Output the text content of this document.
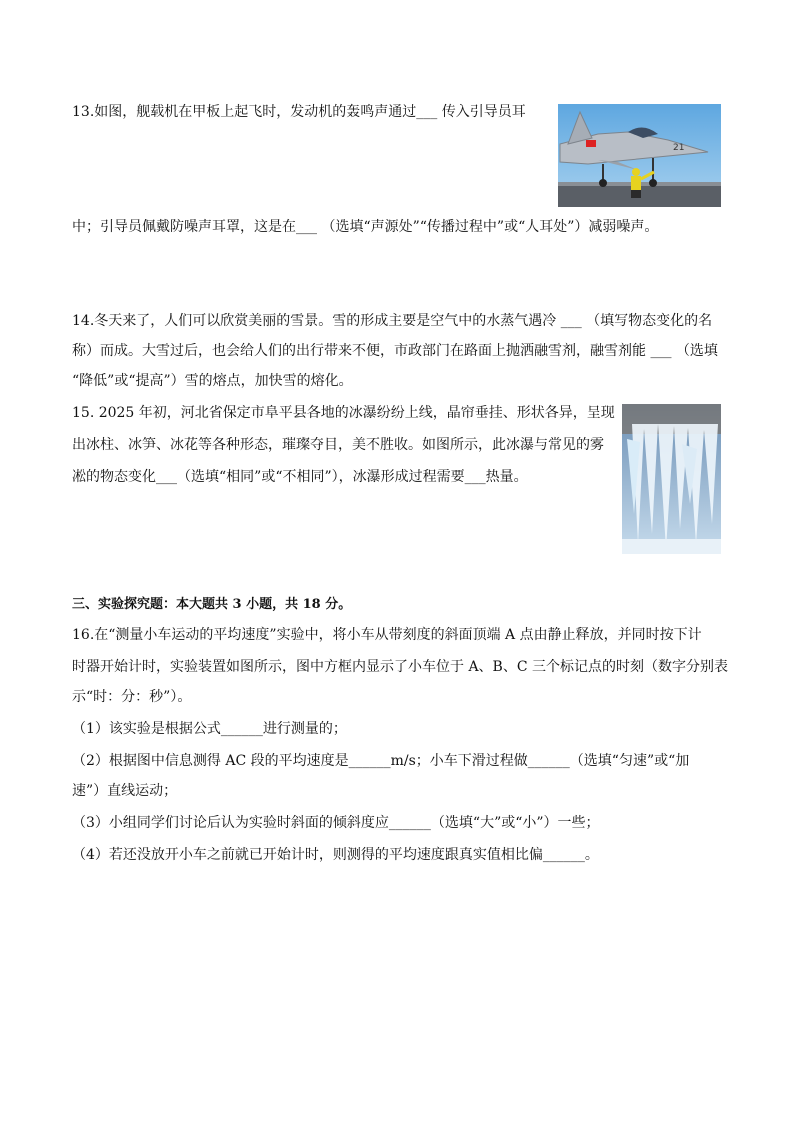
13.如图，舰载机在甲板上起飞时，发动机的轰鸣声通过___ 传入引导员耳
21
中；引导员佩戴防噪声耳罩，这是在___ （选填“声源处”“传播过程中”或“人耳处”）减弱噪声。
14.冬天来了，人们可以欣赏美丽的雪景。雪的形成主要是空气中的水蒸气遇冷 ___ （填写物态变化的名
称）而成。大雪过后，也会给人们的出行带来不便，市政部门在路面上抛洒融雪剂，融雪剂能 ___ （选填
“降低”或“提高”）雪的熔点，加快雪的熔化。
15. 2025 年初，河北省保定市阜平县各地的冰瀑纷纷上线，晶帘垂挂、形状各异，呈现
出冰柱、冰笋、冰花等各种形态，璀璨夺目，美不胜收。如图所示，此冰瀑与常见的雾
凇的物态变化___（选填“相同”或“不相同”），冰瀑形成过程需要___热量。
三、实验探究题：本大题共 3 小题，共 18 分。
16.在“测量小车运动的平均速度”实验中，将小车从带刻度的斜面顶端 A 点由静止释放，并同时按下计
时器开始计时，实验装置如图所示，图中方框内显示了小车位于 A、B、C 三个标记点的时刻（数字分别表
示“时：分：秒”）。
（1）该实验是根据公式______进行测量的；
（2）根据图中信息测得 AC 段的平均速度是______m/s；小车下滑过程做______（选填“匀速”或“加
速”）直线运动；
（3）小组同学们讨论后认为实验时斜面的倾斜度应______（选填“大”或“小”）一些；
（4）若还没放开小车之前就已开始计时，则测得的平均速度跟真实值相比偏______。
